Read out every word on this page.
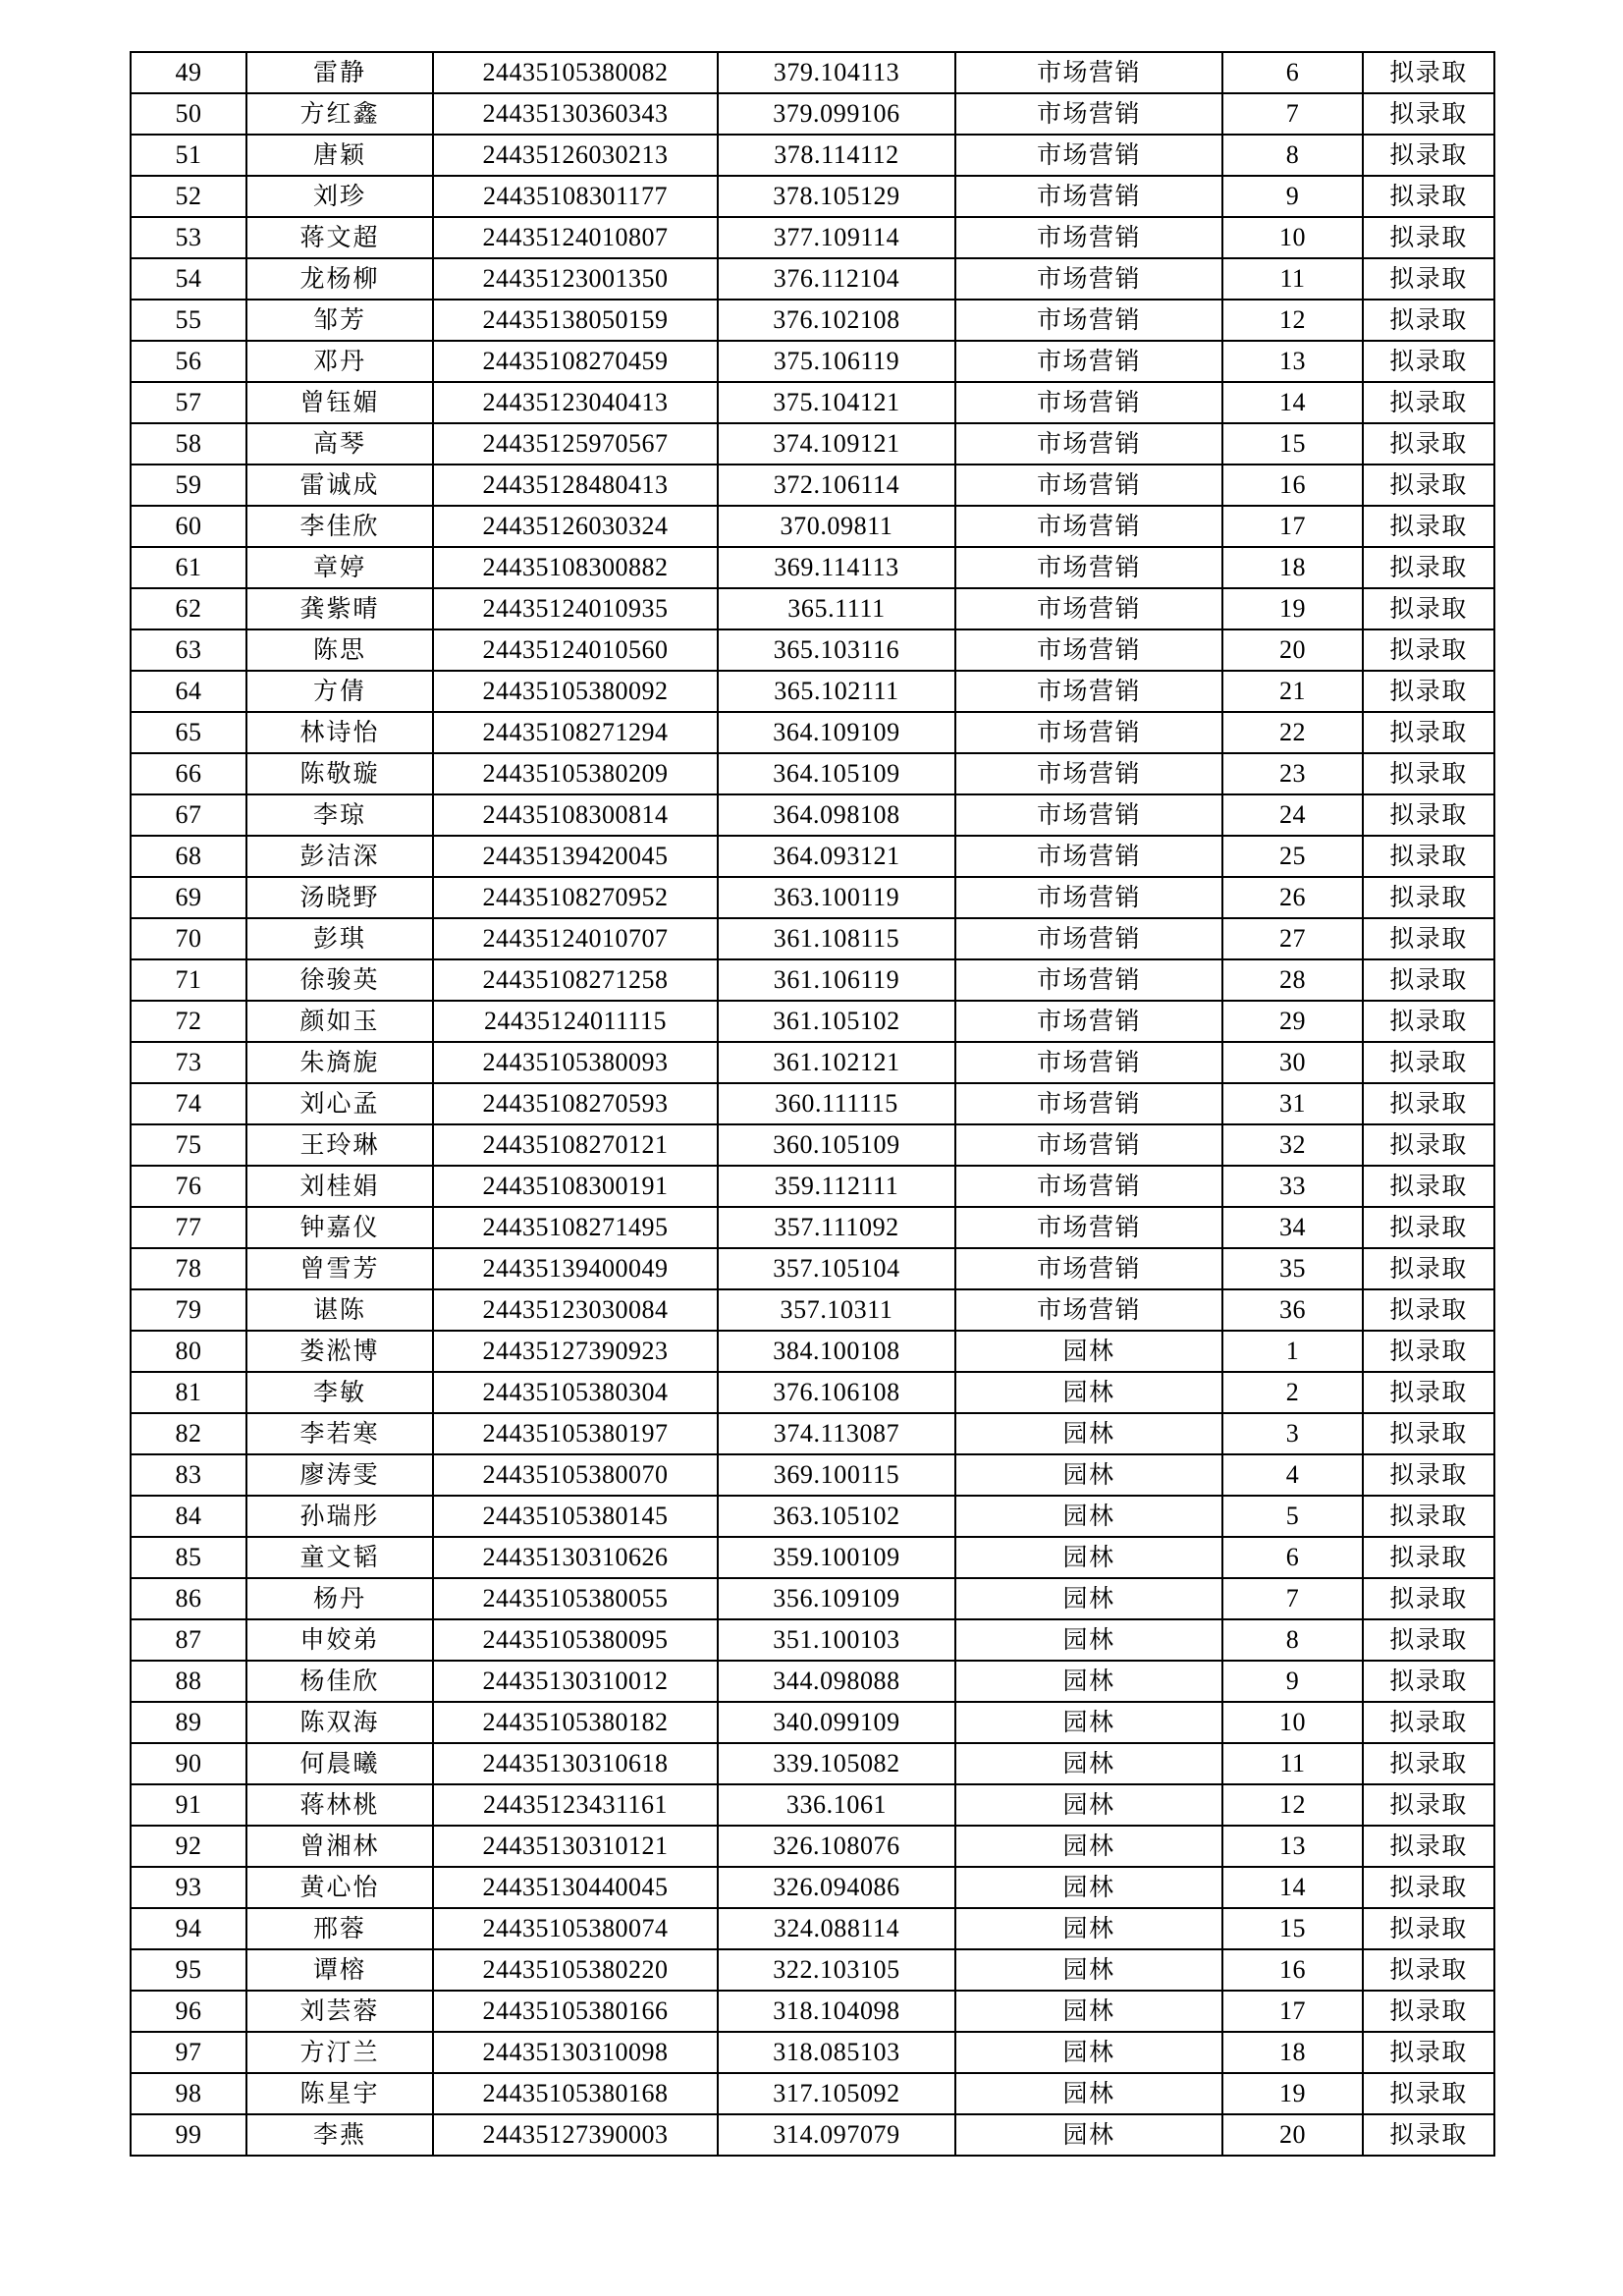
49	雷静	24435105380082	379.104113	市场营销	6	拟录取
50	方红鑫	24435130360343	379.099106	市场营销	7	拟录取
51	唐颖	24435126030213	378.114112	市场营销	8	拟录取
52	刘珍	24435108301177	378.105129	市场营销	9	拟录取
53	蒋文超	24435124010807	377.109114	市场营销	10	拟录取
54	龙杨柳	24435123001350	376.112104	市场营销	11	拟录取
55	邹芳	24435138050159	376.102108	市场营销	12	拟录取
56	邓丹	24435108270459	375.106119	市场营销	13	拟录取
57	曾钰媚	24435123040413	375.104121	市场营销	14	拟录取
58	高琴	24435125970567	374.109121	市场营销	15	拟录取
59	雷诚成	24435128480413	372.106114	市场营销	16	拟录取
60	李佳欣	24435126030324	370.09811	市场营销	17	拟录取
61	章婷	24435108300882	369.114113	市场营销	18	拟录取
62	龚紫晴	24435124010935	365.1111	市场营销	19	拟录取
63	陈思	24435124010560	365.103116	市场营销	20	拟录取
64	方倩	24435105380092	365.102111	市场营销	21	拟录取
65	林诗怡	24435108271294	364.109109	市场营销	22	拟录取
66	陈敬璇	24435105380209	364.105109	市场营销	23	拟录取
67	李琼	24435108300814	364.098108	市场营销	24	拟录取
68	彭洁深	24435139420045	364.093121	市场营销	25	拟录取
69	汤晓野	24435108270952	363.100119	市场营销	26	拟录取
70	彭琪	24435124010707	361.108115	市场营销	27	拟录取
71	徐骏英	24435108271258	361.106119	市场营销	28	拟录取
72	颜如玉	24435124011115	361.105102	市场营销	29	拟录取
73	朱旖旎	24435105380093	361.102121	市场营销	30	拟录取
74	刘心孟	24435108270593	360.111115	市场营销	31	拟录取
75	王玲琳	24435108270121	360.105109	市场营销	32	拟录取
76	刘桂娟	24435108300191	359.112111	市场营销	33	拟录取
77	钟嘉仪	24435108271495	357.111092	市场营销	34	拟录取
78	曾雪芳	24435139400049	357.105104	市场营销	35	拟录取
79	谌陈	24435123030084	357.10311	市场营销	36	拟录取
80	娄淞博	24435127390923	384.100108	园林	1	拟录取
81	李敏	24435105380304	376.106108	园林	2	拟录取
82	李若寒	24435105380197	374.113087	园林	3	拟录取
83	廖涛雯	24435105380070	369.100115	园林	4	拟录取
84	孙瑞彤	24435105380145	363.105102	园林	5	拟录取
85	童文韬	24435130310626	359.100109	园林	6	拟录取
86	杨丹	24435105380055	356.109109	园林	7	拟录取
87	申姣弟	24435105380095	351.100103	园林	8	拟录取
88	杨佳欣	24435130310012	344.098088	园林	9	拟录取
89	陈双海	24435105380182	340.099109	园林	10	拟录取
90	何晨曦	24435130310618	339.105082	园林	11	拟录取
91	蒋林桃	24435123431161	336.1061	园林	12	拟录取
92	曾湘林	24435130310121	326.108076	园林	13	拟录取
93	黄心怡	24435130440045	326.094086	园林	14	拟录取
94	邢蓉	24435105380074	324.088114	园林	15	拟录取
95	谭榕	24435105380220	322.103105	园林	16	拟录取
96	刘芸蓉	24435105380166	318.104098	园林	17	拟录取
97	方汀兰	24435130310098	318.085103	园林	18	拟录取
98	陈星宇	24435105380168	317.105092	园林	19	拟录取
99	李燕	24435127390003	314.097079	园林	20	拟录取
